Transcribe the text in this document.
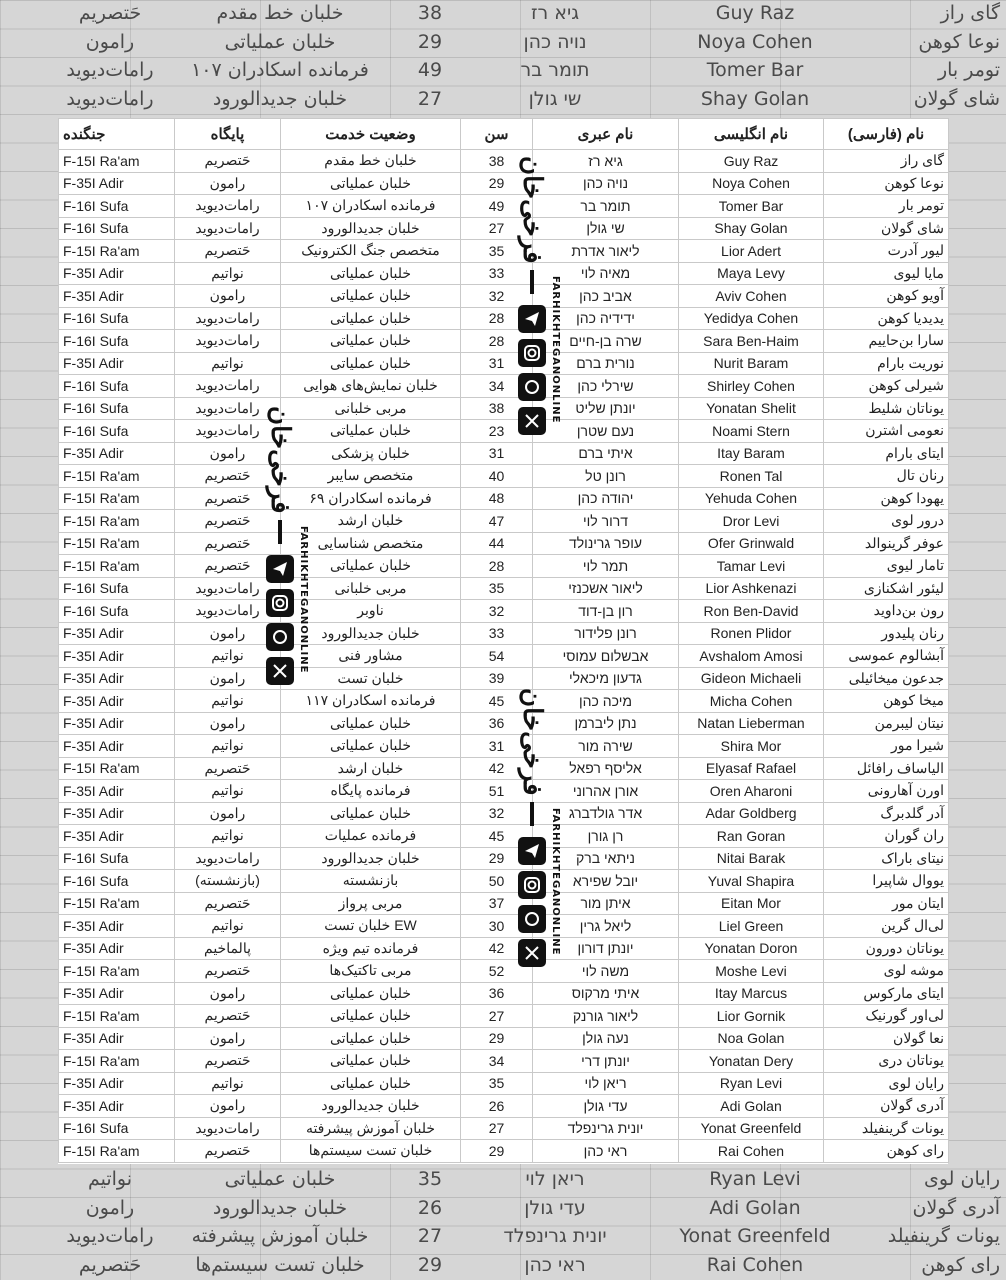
حَتصریم	خلبان خط مقدم	38	גיא רז	Guy Raz	گای راز
رامون	خلبان عملیاتی	29	נויה כהן	Noya Cohen	نوعا کوهن
رامات‌دیوید	فرمانده اسکادران ۱۰۷	49	תומר בר	Tomer Bar	تومر بار
رامات‌دیوید	خلبان جدیدالورود	27	שי גולן	Shay Golan	شای گولان
نواتیم	خلبان عملیاتی	35	ריאן לוי	Ryan Levi	رایان لوی
رامون	خلبان جدیدالورود	26	עדי גולן	Adi Golan	آدری گولان
رامات‌دیوید	خلبان آموزش پیشرفته	27	יונית גרינפלד	Yonat Greenfeld	یونات گرینفیلد
حَتصریم	خلبان تست سیستم‌ها	29	ראי כהן	Rai Cohen	رای کوهن
جنگنده	پایگاه	وضعیت خدمت	سن	نام عبری	نام انگلیسی	نام (فارسی)
F-15I Ra'am	حَتصریم	خلبان خط مقدم	38	גיא רז	Guy Raz	گای راز
F-35I Adir	رامون	خلبان عملیاتی	29	נויה כהן	Noya Cohen	نوعا کوهن
F-16I Sufa	رامات‌دیوید	فرمانده اسکادران ۱۰۷	49	תומר בר	Tomer Bar	تومر بار
F-16I Sufa	رامات‌دیوید	خلبان جدیدالورود	27	שי גולן	Shay Golan	شای گولان
F-15I Ra'am	حَتصریم	متخصص جنگ الکترونیک	35	ליאור אדרת	Lior Adert	لیور آدرت
F-35I Adir	نواتیم	خلبان عملیاتی	33	מאיה לוי	Maya Levy	مایا لیوی
F-35I Adir	رامون	خلبان عملیاتی	32	אביב כהן	Aviv Cohen	آویو کوهن
F-16I Sufa	رامات‌دیوید	خلبان عملیاتی	28	ידידיה כהן	Yedidya Cohen	یدیدیا کوهن
F-16I Sufa	رامات‌دیوید	خلبان عملیاتی	28	שרה בן-חיים	Sara Ben-Haim	سارا بن‌حاییم
F-35I Adir	نواتیم	خلبان عملیاتی	31	נורית ברם	Nurit Baram	نوریت بارام
F-16I Sufa	رامات‌دیوید	خلبان نمایش‌های هوایی	34	שירלי כהן	Shirley Cohen	شیرلی کوهن
F-16I Sufa	رامات‌دیوید	مربی خلبانی	38	יונתן שליט	Yonatan Shelit	یوناتان شلیط
F-16I Sufa	رامات‌دیوید	خلبان عملیاتی	23	נעם שטרן	Noami Stern	نعومی اشترن
F-35I Adir	رامون	خلبان پزشکی	31	איתי ברם	Itay Baram	ایتای بارام
F-15I Ra'am	حَتصریم	متخصص سایبر	40	רונן טל	Ronen Tal	رنان تال
F-15I Ra'am	حَتصریم	فرمانده اسکادران ۶۹	48	יהודה כהן	Yehuda Cohen	یهودا کوهن
F-15I Ra'am	حَتصریم	خلبان ارشد	47	דרור לוי	Dror Levi	درور لوی
F-15I Ra'am	حَتصریم	متخصص شناسایی	44	עופר גרינולד	Ofer Grinwald	عوفر گرینوالد
F-15I Ra'am	حَتصریم	خلبان عملیاتی	28	תמר לוי	Tamar Levi	تامار لیوی
F-16I Sufa	رامات‌دیوید	مربی خلبانی	35	ליאור אשכנזי	Lior Ashkenazi	لیئور اشکنازی
F-16I Sufa	رامات‌دیوید	ناوبر	32	רון בן-דוד	Ron Ben-David	رون بن‌داوید
F-35I Adir	رامون	خلبان جدیدالورود	33	רונן פלידור	Ronen Plidor	رنان پلیدور
F-35I Adir	نواتیم	مشاور فنی	54	אבשלום עמוסי	Avshalom Amosi	آبشالوم عموسی
F-35I Adir	رامون	خلبان تست	39	גדעון מיכאלי	Gideon Michaeli	جدعون میخائیلی
F-35I Adir	نواتیم	فرمانده اسکادران ۱۱۷	45	מיכה כהן	Micha Cohen	میخا کوهن
F-35I Adir	رامون	خلبان عملیاتی	36	נתן ליברמן	Natan Lieberman	نیتان لیبرمن
F-35I Adir	نواتیم	خلبان عملیاتی	31	שירה מור	Shira Mor	شیرا مور
F-15I Ra'am	حَتصریم	خلبان ارشد	42	אליסף רפאל	Elyasaf Rafael	الیاساف رافائل
F-35I Adir	نواتیم	فرمانده پایگاه	51	אורן אהרוני	Oren Aharoni	اورن آهارونی
F-35I Adir	رامون	خلبان عملیاتی	32	אדר גולדברג	Adar Goldberg	آدر گلدبرگ
F-35I Adir	نواتیم	فرمانده عملیات	45	רן גורן	Ran Goran	ران گوران
F-16I Sufa	رامات‌دیوید	خلبان جدیدالورود	29	ניתאי ברק	Nitai Barak	نیتای باراک
F-16I Sufa	(بازنشسته)	بازنشسته	50	יובל שפירא	Yuval Shapira	یووال شاپیرا
F-15I Ra'am	حَتصریم	مربی پرواز	37	איתן מור	Eitan Mor	ایتان مور
F-35I Adir	نواتیم	خلبان تست EW	30	ליאל גרין	Liel Green	لی‌ال گرین
F-35I Adir	پالماخیم	فرمانده تیم ویژه	42	יונתן דורון	Yonatan Doron	یوناتان دورون
F-15I Ra'am	حَتصریم	مربی تاکتیک‌ها	52	משה לוי	Moshe Levi	موشه لوی
F-35I Adir	رامون	خلبان عملیاتی	36	איתי מרקוס	Itay Marcus	ایتای مارکوس
F-15I Ra'am	حَتصریم	خلبان عملیاتی	27	ליאור גורנק	Lior Gornik	لی‌اور گورنیک
F-35I Adir	رامون	خلبان عملیاتی	29	נעה גולן	Noa Golan	نعا گولان
F-15I Ra'am	حَتصریم	خلبان عملیاتی	34	יונתן דרי	Yonatan Dery	یوناتان دری
F-35I Adir	نواتیم	خلبان عملیاتی	35	ריאן לוי	Ryan Levi	رایان لوی
F-35I Adir	رامون	خلبان جدیدالورود	26	עדי גולן	Adi Golan	آدری گولان
F-16I Sufa	رامات‌دیوید	خلبان آموزش پیشرفته	27	יונית גרינפלד	Yonat Greenfeld	یونات گرینفیلد
F-15I Ra'am	حَتصریم	خلبان تست سیستم‌ها	29	ראי כהן	Rai Cohen	رای کوهن
فرخی‌خان
FARHIKHTEGANONLINE
فرخی‌خان
FARHIKHTEGANONLINE
فرخی‌خان
FARHIKHTEGANONLINE
